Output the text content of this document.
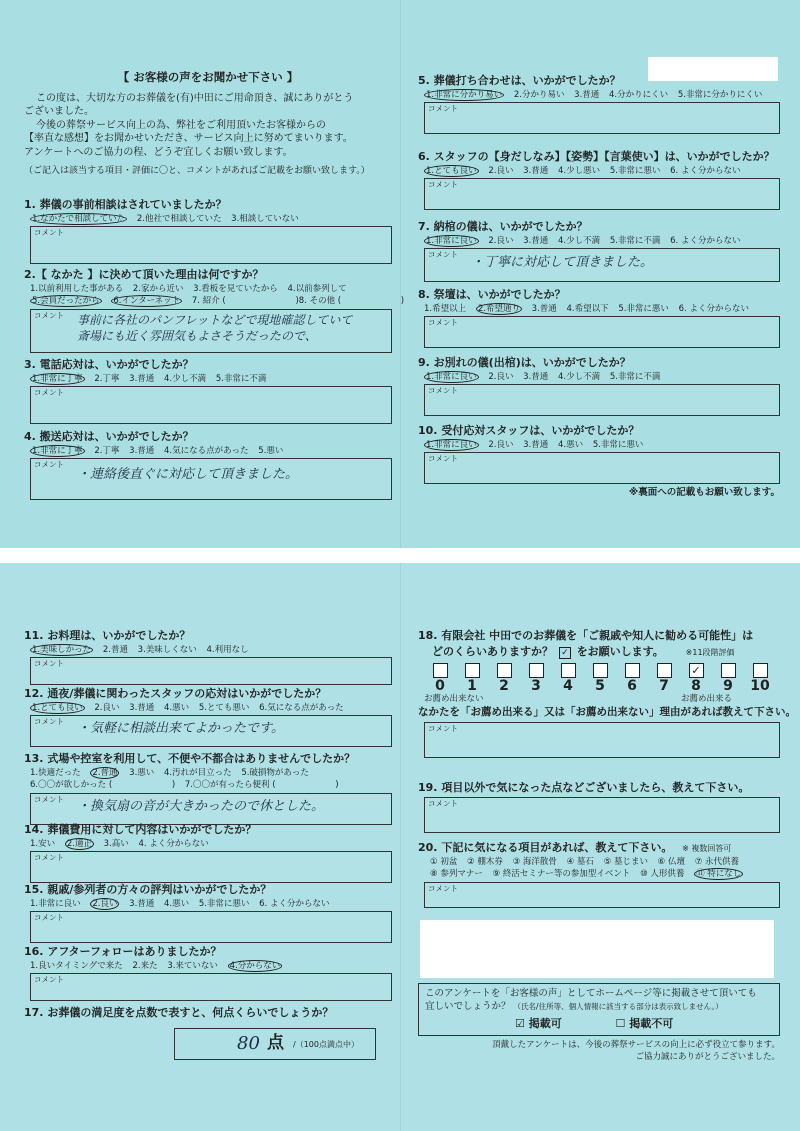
【 お客様の声をお聞かせ下さい 】

この度は、大切な方のお葬儀を(有)中田にご用命頂き、誠にありがとう

ございました。

今後の葬祭サービス向上の為、弊社をご利用頂いたお客様からの

【率直な感想】をお聞かせいただき、サービス向上に努めてまいります。

アンケートへのご協力の程、どうぞ宜しくお願い致します。

（ご記入は該当する項目・評価に〇と、コメントがあればご記載をお願い致します。）
1. 葬儀の事前相談はされていましたか？
1.なかたで相談していた 2.他社で相談していた 3.相談していない
コメント
2.【 なかた 】に決めて頂いた理由は何ですか？
1.以前利用した事がある 2.家から近い 3.看板を見ていたから 4.以前参列して
5.会員だったから 6.インターネット 7. 紹介 (	)8. その他 (	)
コメント 事前に各社のパンフレットなどで現地確認していて
斎場にも近く雰囲気もよさそうだったので、
3. 電話応対は、いかがでしたか？
1.非常に丁寧 2.丁寧 3.普通 4.少し不満 5.非常に不満
コメント
4. 搬送応対は、いかがでしたか？
1.非常に丁寧 2.丁寧 3.普通 4.気になる点があった 5.悪い
コメント
・連絡後直ぐに対応して頂きました。
5. 葬儀打ち合わせは、いかがでしたか？
1.非常に分かり易い 2.分かり易い 3.普通 4.分かりにくい 5.非常に分かりにくい
コメント
6. スタッフの【身だしなみ】【姿勢】【言葉使い】は、いかがでしたか？
1.とても良い 2.良い 3.普通 4.少し悪い 5.非常に悪い 6. よく分からない
コメント
7. 納棺の儀は、いかがでしたか？
1.非常に良い 2.良い 3.普通 4.少し不満 5.非常に不満 6. よく分からない
コメント
・丁寧に対応して頂きました。
8. 祭壇は、いかがでしたか？
1.希望以上 2.希望通り 3.普通 4.希望以下 5.非常に悪い 6. よく分からない
コメント
9. お別れの儀(出棺)は、いかがでしたか？
1.非常に良い 2.良い 3.普通 4.少し不満 5.非常に不満
コメント
10. 受付応対スタッフは、いかがでしたか？
1.非常に良い 2.良い 3.普通 4.悪い 5.非常に悪い
コメント
※裏面への記載もお願い致します。
11. お料理は、いかがでしたか？
1.美味しかった 2.普通 3.美味しくない 4.利用なし
コメント
12. 通夜/葬儀に関わったスタッフの応対はいかがでしたか？
1.とても良い 2.良い 3.普通 4.悪い 5.とても悪い 6.気になる点があった
コメント ・気軽に相談出来てよかったです。
13. 式場や控室を利用して、不便や不都合はありませんでしたか？
1.快適だった 2.普通 3.悪い 4.汚れが目立った 5.破損物があった
6.〇〇が欲しかった (	) 7.〇〇が有ったら便利 (	)
コメント ・換気扇の音が大きかったので休とした。
14. 葬儀費用に対して内容はいかがでしたか？
1.安い 2.適正 3.高い 4. よく分からない
コメント
15. 親戚/参列者の方々の評判はいかがでしたか？
1.非常に良い 2.良い 3.普通 4.悪い 5.非常に悪い 6. よく分からない
コメント
16. アフターフォローはありましたか？
1.良いタイミングで来た 2.来た 3.来ていない 4.分からない
コメント
17. お葬儀の満足度を点数で表すと、何点くらいでしょうか？
80 点 /（100点満点中）
18. 有限会社 中田でのお葬儀を「ご親戚や知人に勧める可能性」は
どのくらいありますか？ ✓ をお願いします。	※11段階評価
0	1	2	3	4	5	6	7
✓
8	9	10
お薦め出来ない	お薦め出来る
なかたを「お薦め出来る」又は「お薦め出来ない」理由があれば教えて下さい。
コメント
19. 項目以外で気になった点などございましたら、教えて下さい。
コメント
20. 下記に気になる項目があれば、教えて下さい。 ※ 複数回答可
① 初盆 ② 棚木券 ③ 海洋散骨 ④ 墓石 ⑤ 墓じまい ⑥ 仏壇 ⑦ 永代供養
⑧ 参列マナー ⑨ 終活セミナー等の参加型イベント ⑩ 人形供養 ⑪ 特になし
コメント
このアンケートを「お客様の声」としてホームページ等に掲載させて頂いても
宜しいでしょうか？ （氏名/住所等、個人情報に該当する部分は表示致しません。）
☑ 掲載可	☐ 掲載不可
頂戴したアンケートは、今後の葬祭サービスの向上に必ず役立て参ります。
ご協力誠にありがとうございました。
